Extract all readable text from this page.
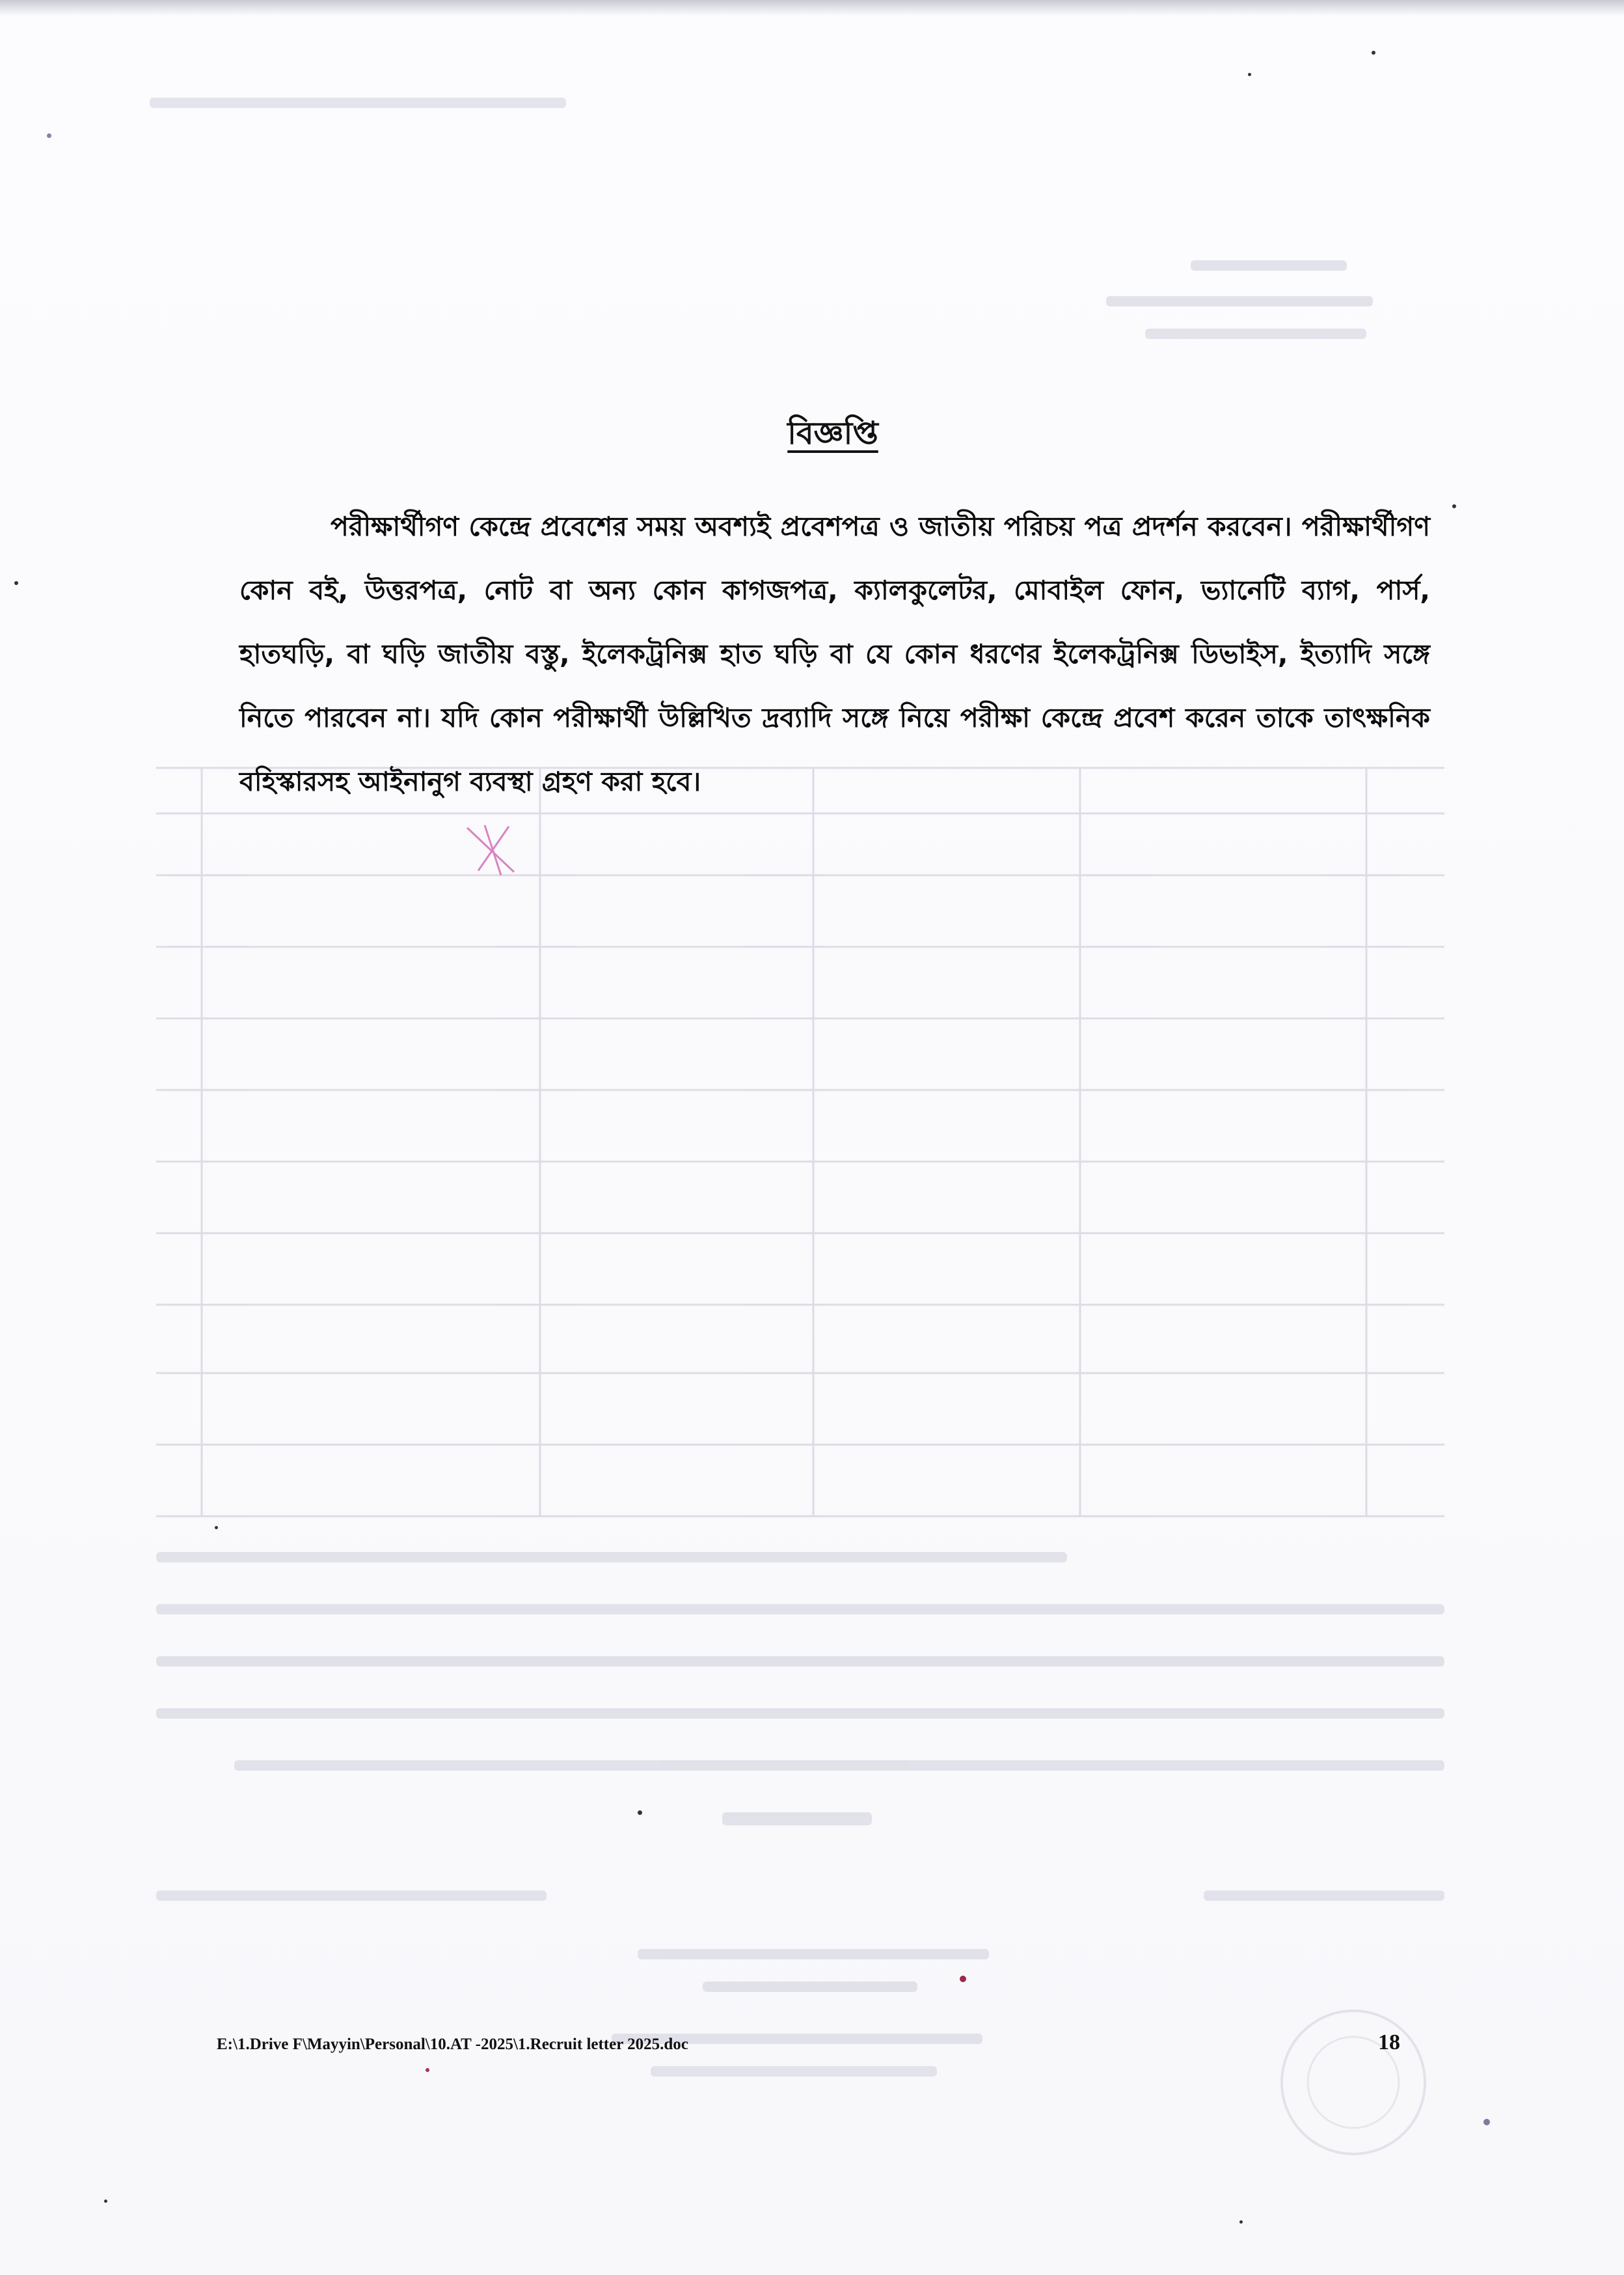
বিজ্ঞপ্তি

পরীক্ষার্থীগণ কেন্দ্রে প্রবেশের সময় অবশ্যই প্রবেশপত্র ও জাতীয় পরিচয় পত্র প্রদর্শন করবেন। পরীক্ষার্থীগণ কোন বই, উত্তরপত্র, নোট বা অন্য কোন কাগজপত্র, ক্যালকুলেটর, মোবাইল ফোন, ভ্যানেটি ব্যাগ, পার্স, হাতঘড়ি, বা ঘড়ি জাতীয় বস্তু, ইলেকট্রনিক্স হাত ঘড়ি বা যে কোন ধরণের ইলেকট্রনিক্স ডিভাইস, ইত্যাদি সঙ্গে নিতে পারবেন না। যদি কোন পরীক্ষার্থী উল্লিখিত দ্রব্যাদি সঙ্গে নিয়ে পরীক্ষা কেন্দ্রে প্রবেশ করেন তাকে তাৎক্ষনিক বহিস্কারসহ আইনানুগ ব্যবস্থা গ্রহণ করা হবে।

E:\1.Drive F\Mayyin\Personal\10.AT -2025\1.Recruit letter 2025.doc	18
